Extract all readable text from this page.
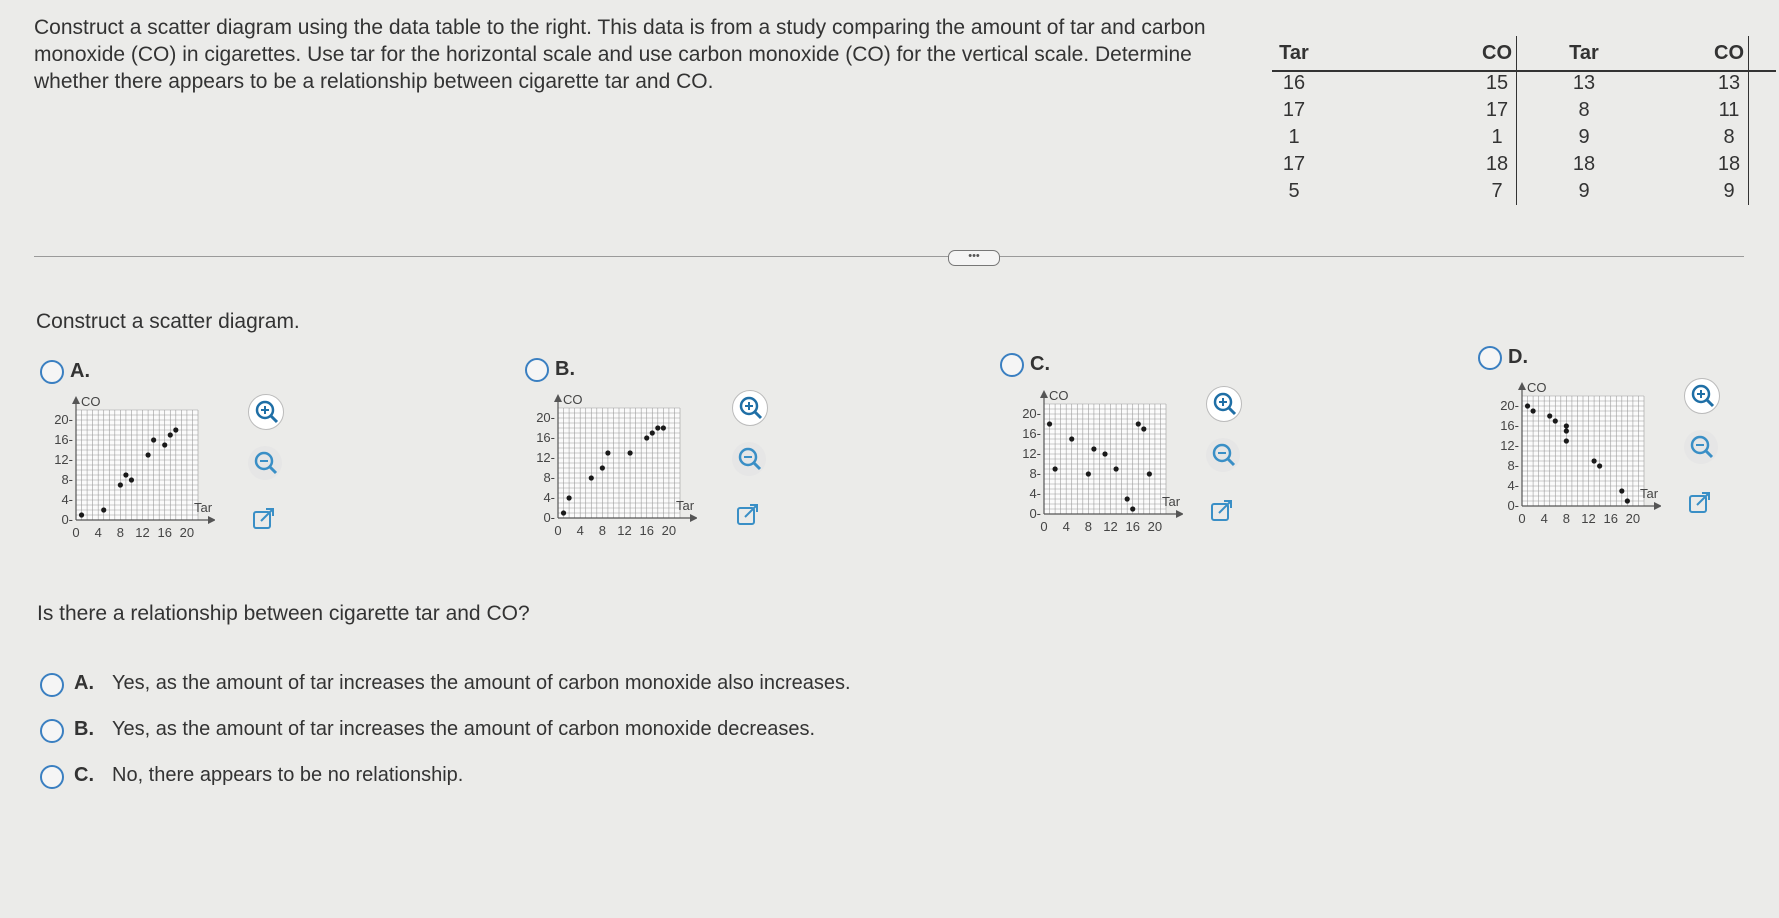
Construct a scatter diagram using the data table to the right. This data is from a study comparing the amount of tar and carbon monoxide (CO) in cigarettes. Use tar for the horizontal scale and use carbon monoxide (CO) for the vertical scale. Determine whether there appears to be a relationship between cigarette tar and CO.
Tar
16
17
1
17
5
CO
15
17
1
18
7
Tar
13
8
9
18
9
CO
13
11
8
18
9
•••
Construct a scatter diagram.
A.
CO
Tar
0 4 8 12 16 20
20-
16-
12-
8-
4-
0-
B.
CO
Tar
0 4 8 12 16 20
20-
16-
12-
8-
4-
0-
C.
CO
Tar
0 4 8 12 16 20
20-
16-
12-
8-
4-
0-
D.
CO
Tar
0 4 8 12 16 20
20-
16-
12-
8-
4-
0-
Is there a relationship between cigarette tar and CO?
A. Yes, as the amount of tar increases the amount of carbon monoxide also increases.
B. Yes, as the amount of tar increases the amount of carbon monoxide decreases.
C. No, there appears to be no relationship.
